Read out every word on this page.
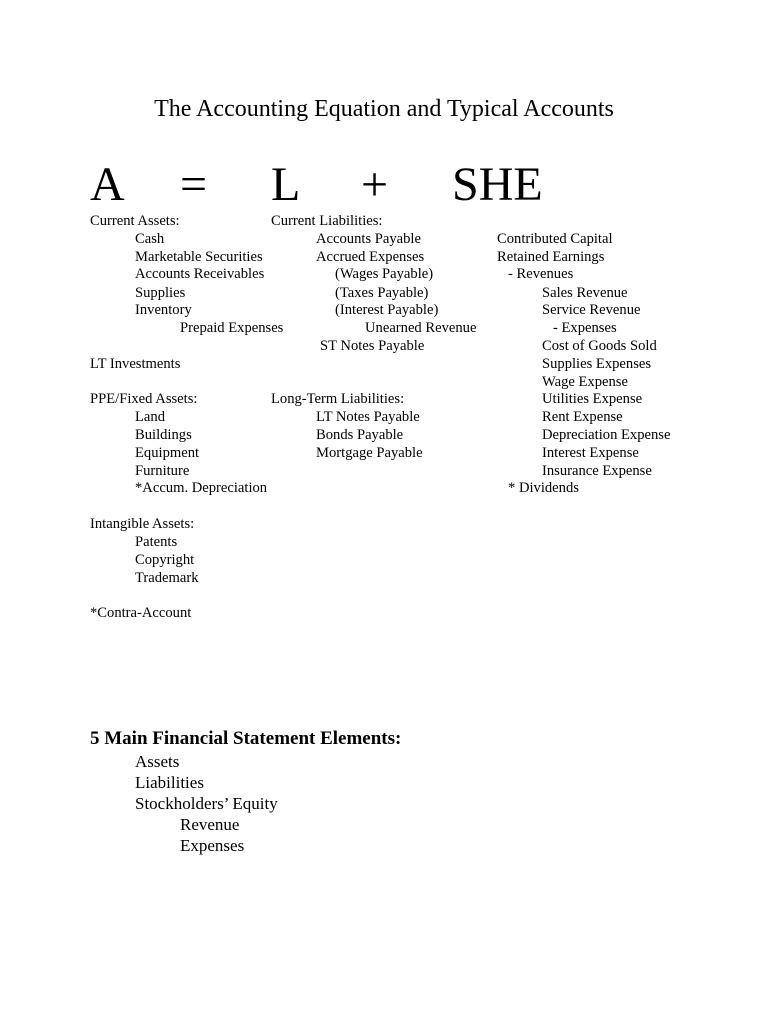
The Accounting Equation and Typical Accounts
A = L + SHE
Current Assets:
Cash
Marketable Securities
Accounts Receivables
Supplies
Inventory
Prepaid Expenses
LT Investments
PPE/Fixed Assets:
Land
Buildings
Equipment
Furniture
*Accum. Depreciation
Intangible Assets:
Patents
Copyright
Trademark
*Contra-Account
Current Liabilities:
Accounts Payable
Accrued Expenses
(Wages Payable)
(Taxes Payable)
(Interest Payable)
Unearned Revenue
ST Notes Payable
Long-Term Liabilities:
LT Notes Payable
Bonds Payable
Mortgage Payable
Contributed Capital
Retained Earnings
- Revenues
Sales Revenue
Service Revenue
- Expenses
Cost of Goods Sold
Supplies Expenses
Wage Expense
Utilities Expense
Rent Expense
Depreciation Expense
Interest Expense
Insurance Expense
* Dividends
5 Main Financial Statement Elements:
Assets
Liabilities
Stockholders’ Equity
Revenue
Expenses
